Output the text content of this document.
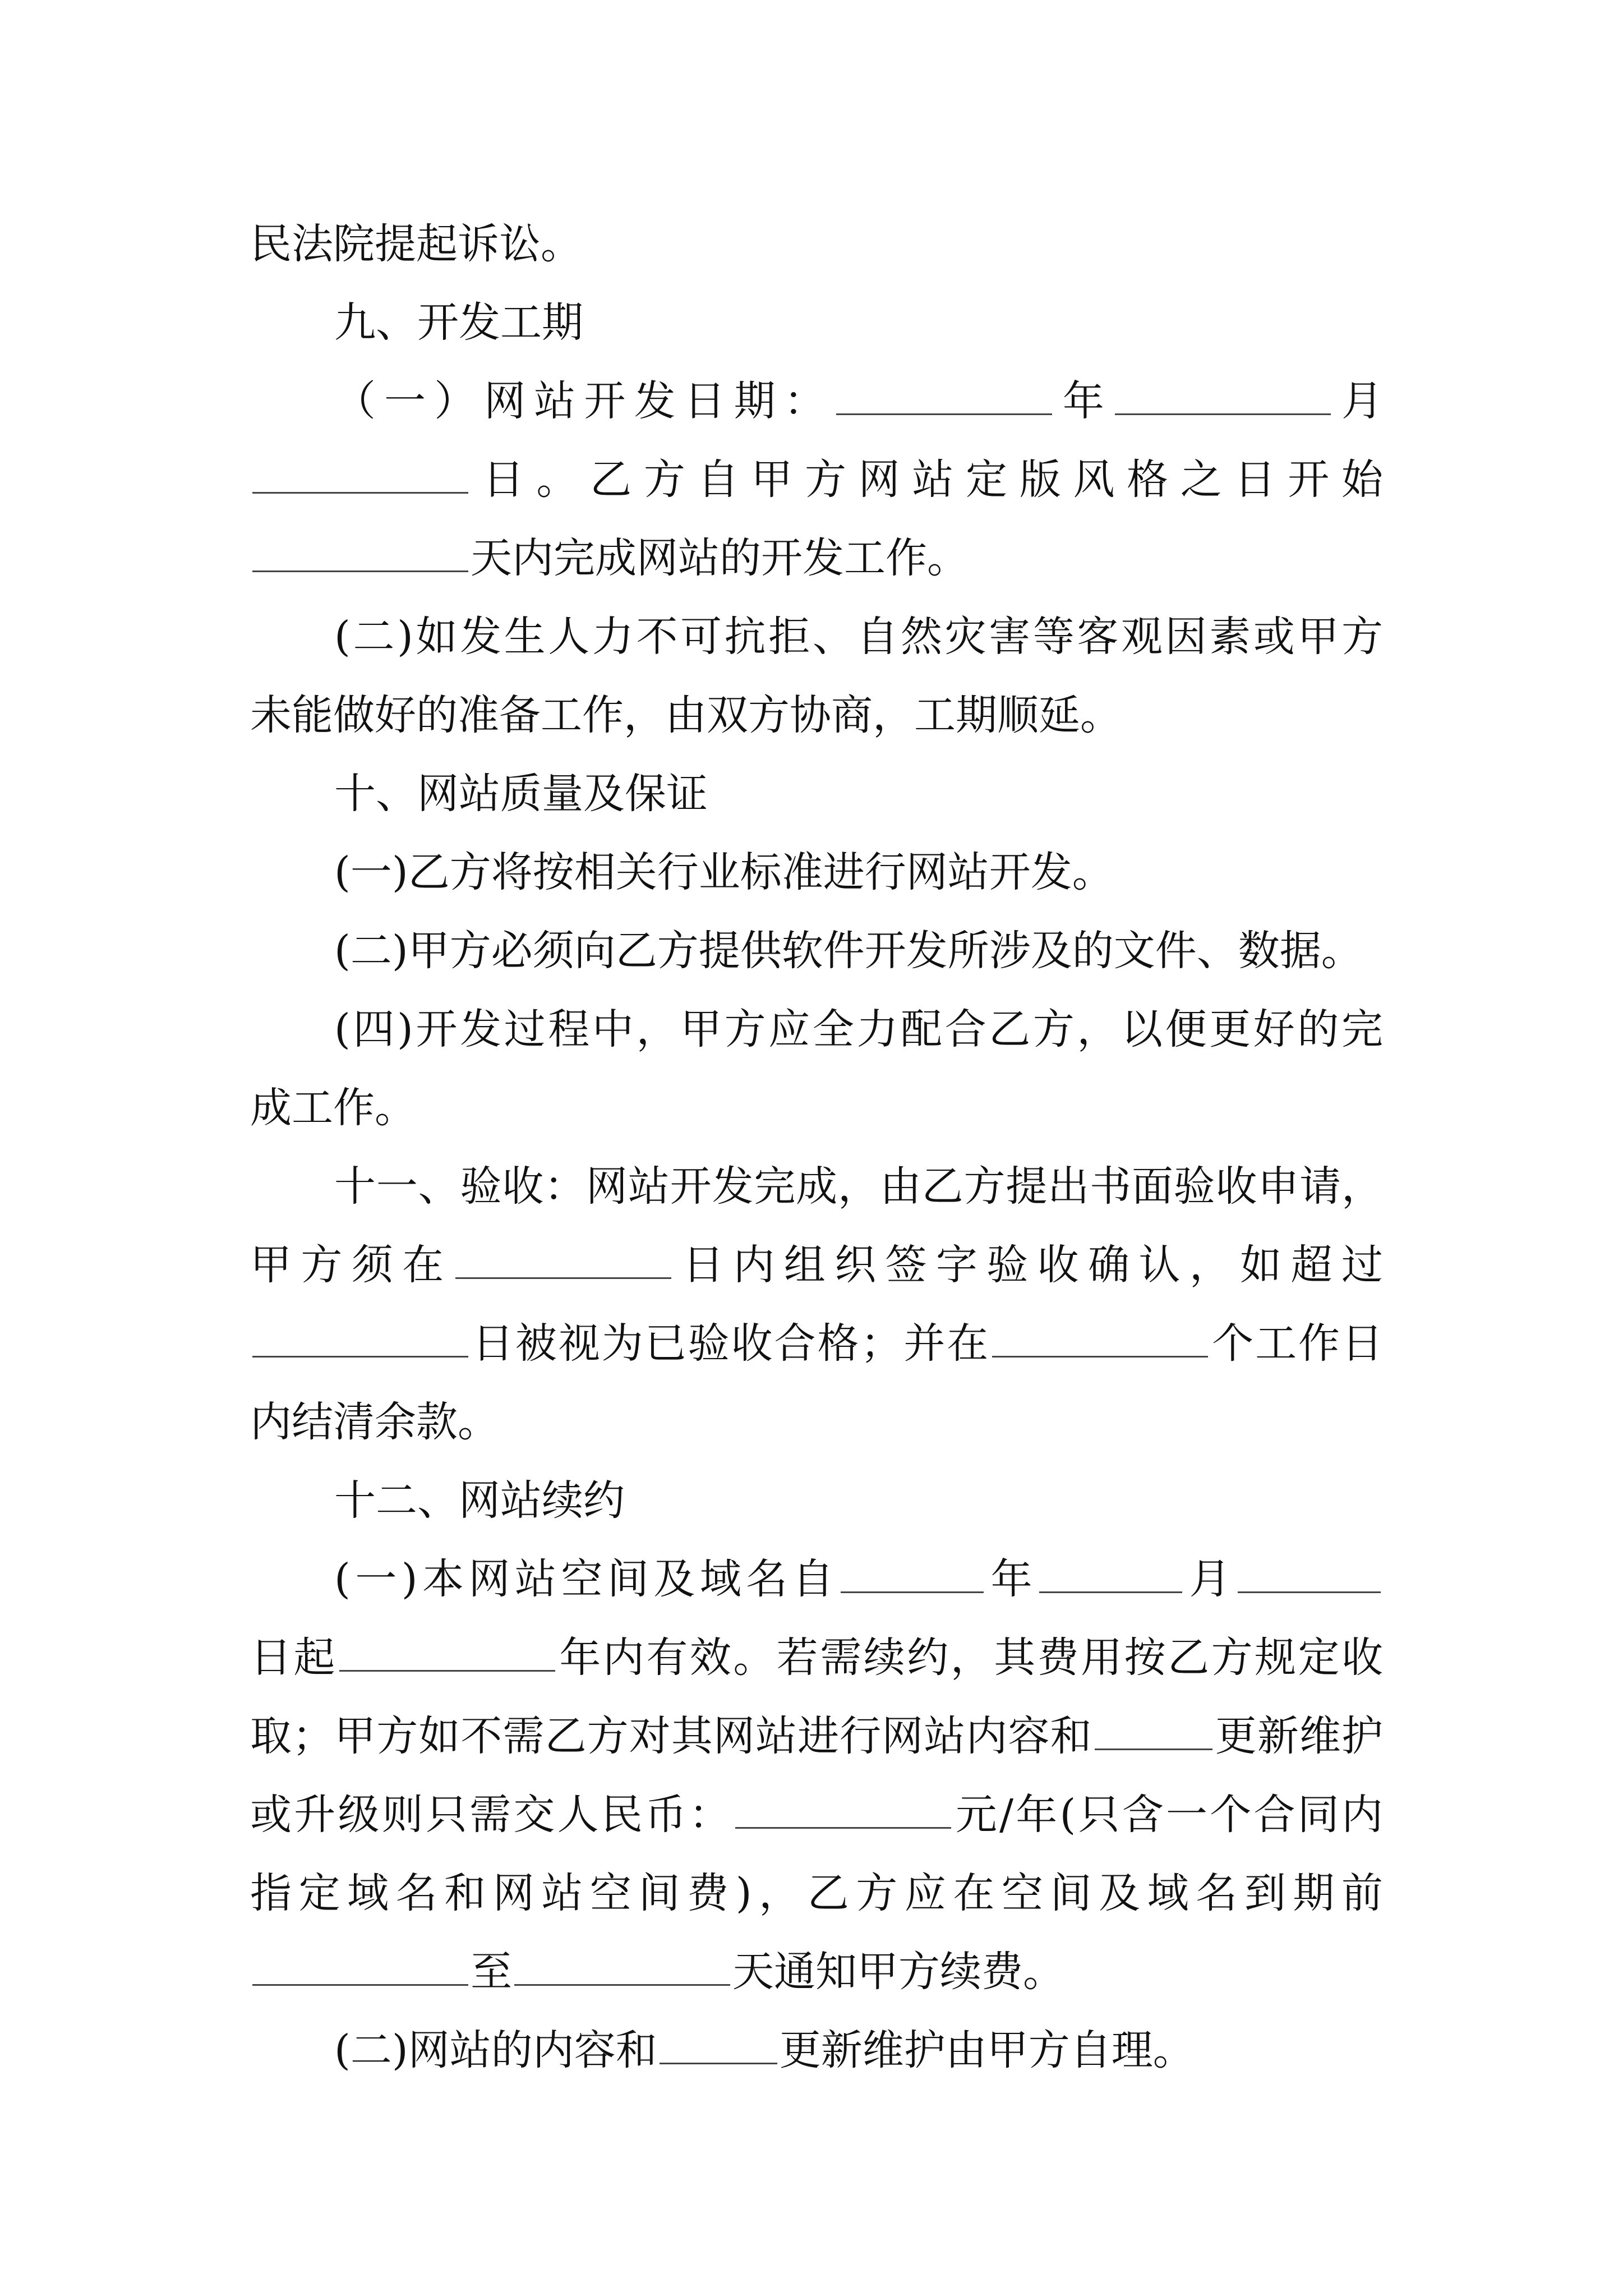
民法院提起诉讼。
九、开发工期
（一）网站开发日期：	年	月
日。乙方自甲方网站定版风格之日开始
天内完成网站的开发工作。
(二)如发生人力不可抗拒、自然灾害等客观因素或甲方
未能做好的准备工作，由双方协商，工期顺延。
十、网站质量及保证
(一)乙方将按相关行业标准进行网站开发。
(二)甲方必须向乙方提供软件开发所涉及的文件、数据。
(四)开发过程中，甲方应全力配合乙方，以便更好的完
成工作。
十一、验收：网站开发完成，由乙方提出书面验收申请，
甲方须在	日内组织签字验收确认，如超过
日被视为已验收合格；并在	个工作日
内结清余款。
十二、网站续约
(一)本网站空间及域名自	年	月
日起	年内有效。若需续约，其费用按乙方规定收
取；甲方如不需乙方对其网站进行网站内容和	更新维护
或升级则只需交人民币：	元/年(只含一个合同内
指定域名和网站空间费)，乙方应在空间及域名到期前
至	天通知甲方续费。
(二)网站的内容和	更新维护由甲方自理。
